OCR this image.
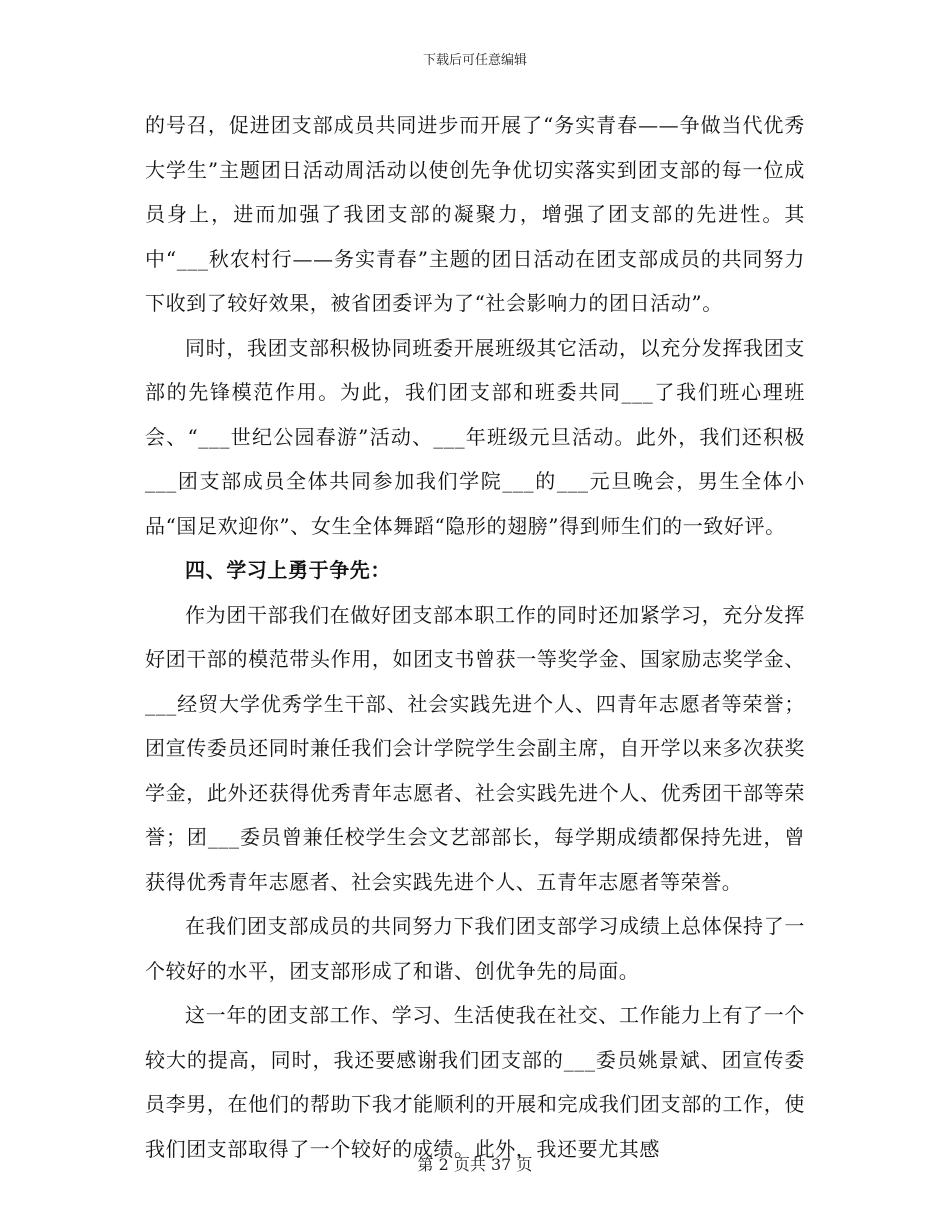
下载后可任意编辑

的号召，促进团支部成员共同进步而开展了“务实青春——争做当代优秀大学生”主题团日活动周活动以使创先争优切实落实到团支部的每一位成员身上，进而加强了我团支部的凝聚力，增强了团支部的先进性。其中“___秋农村行——务实青春”主题的团日活动在团支部成员的共同努力下收到了较好效果，被省团委评为了“社会影响力的团日活动”。

同时，我团支部积极协同班委开展班级其它活动，以充分发挥我团支部的先锋模范作用。为此，我们团支部和班委共同___了我们班心理班会、“___世纪公园春游”活动、___年班级元旦活动。此外，我们还积极___团支部成员全体共同参加我们学院___的___元旦晚会，男生全体小品“国足欢迎你”、女生全体舞蹈“隐形的翅膀”得到师生们的一致好评。

四、学习上勇于争先：

作为团干部我们在做好团支部本职工作的同时还加紧学习，充分发挥好团干部的模范带头作用，如团支书曾获一等奖学金、国家励志奖学金、___经贸大学优秀学生干部、社会实践先进个人、四青年志愿者等荣誉；团宣传委员还同时兼任我们会计学院学生会副主席，自开学以来多次获奖学金，此外还获得优秀青年志愿者、社会实践先进个人、优秀团干部等荣誉；团___委员曾兼任校学生会文艺部部长，每学期成绩都保持先进，曾获得优秀青年志愿者、社会实践先进个人、五青年志愿者等荣誉。

在我们团支部成员的共同努力下我们团支部学习成绩上总体保持了一个较好的水平，团支部形成了和谐、创优争先的局面。

这一年的团支部工作、学习、生活使我在社交、工作能力上有了一个较大的提高，同时，我还要感谢我们团支部的___委员姚景斌、团宣传委员李男，在他们的帮助下我才能顺利的开展和完成我们团支部的工作，使我们团支部取得了一个较好的成绩。此外，我还要尤其感

第 2 页共 37 页
